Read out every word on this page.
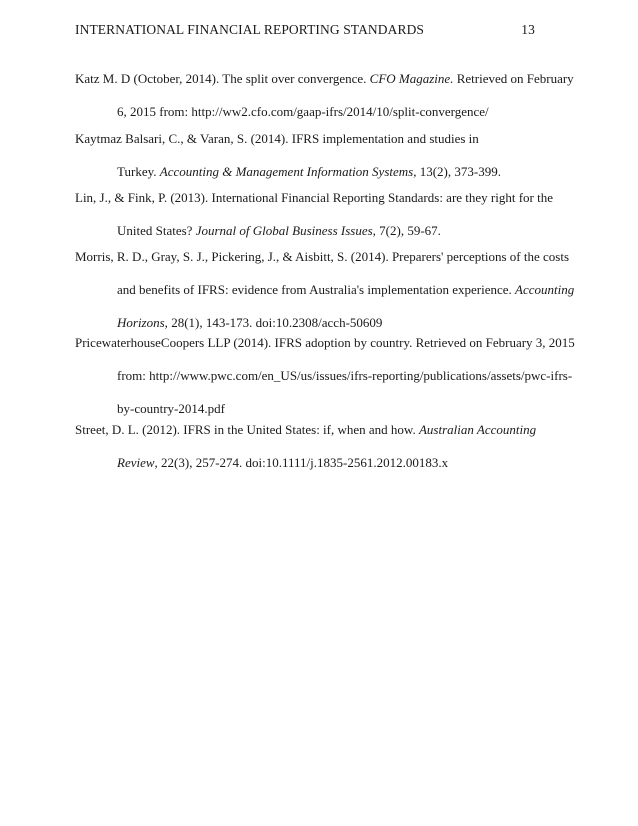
INTERNATIONAL FINANCIAL REPORTING STANDARDS	13
Katz M. D (October, 2014). The split over convergence. CFO Magazine. Retrieved on February
6, 2015 from: http://ww2.cfo.com/gaap-ifrs/2014/10/split-convergence/
Kaytmaz Balsari, C., & Varan, S. (2014). IFRS implementation and studies in
Turkey. Accounting & Management Information Systems, 13(2), 373-399.
Lin, J., & Fink, P. (2013). International Financial Reporting Standards: are they right for the
United States? Journal of Global Business Issues, 7(2), 59-67.
Morris, R. D., Gray, S. J., Pickering, J., & Aisbitt, S. (2014). Preparers' perceptions of the costs
and benefits of IFRS: evidence from Australia's implementation experience. Accounting
Horizons, 28(1), 143-173. doi:10.2308/acch-50609
PricewaterhouseCoopers LLP (2014). IFRS adoption by country. Retrieved on February 3, 2015
from: http://www.pwc.com/en_US/us/issues/ifrs-reporting/publications/assets/pwc-ifrs-
by-country-2014.pdf
Street, D. L. (2012). IFRS in the United States: if, when and how. Australian Accounting
Review, 22(3), 257-274. doi:10.1111/j.1835-2561.2012.00183.x
